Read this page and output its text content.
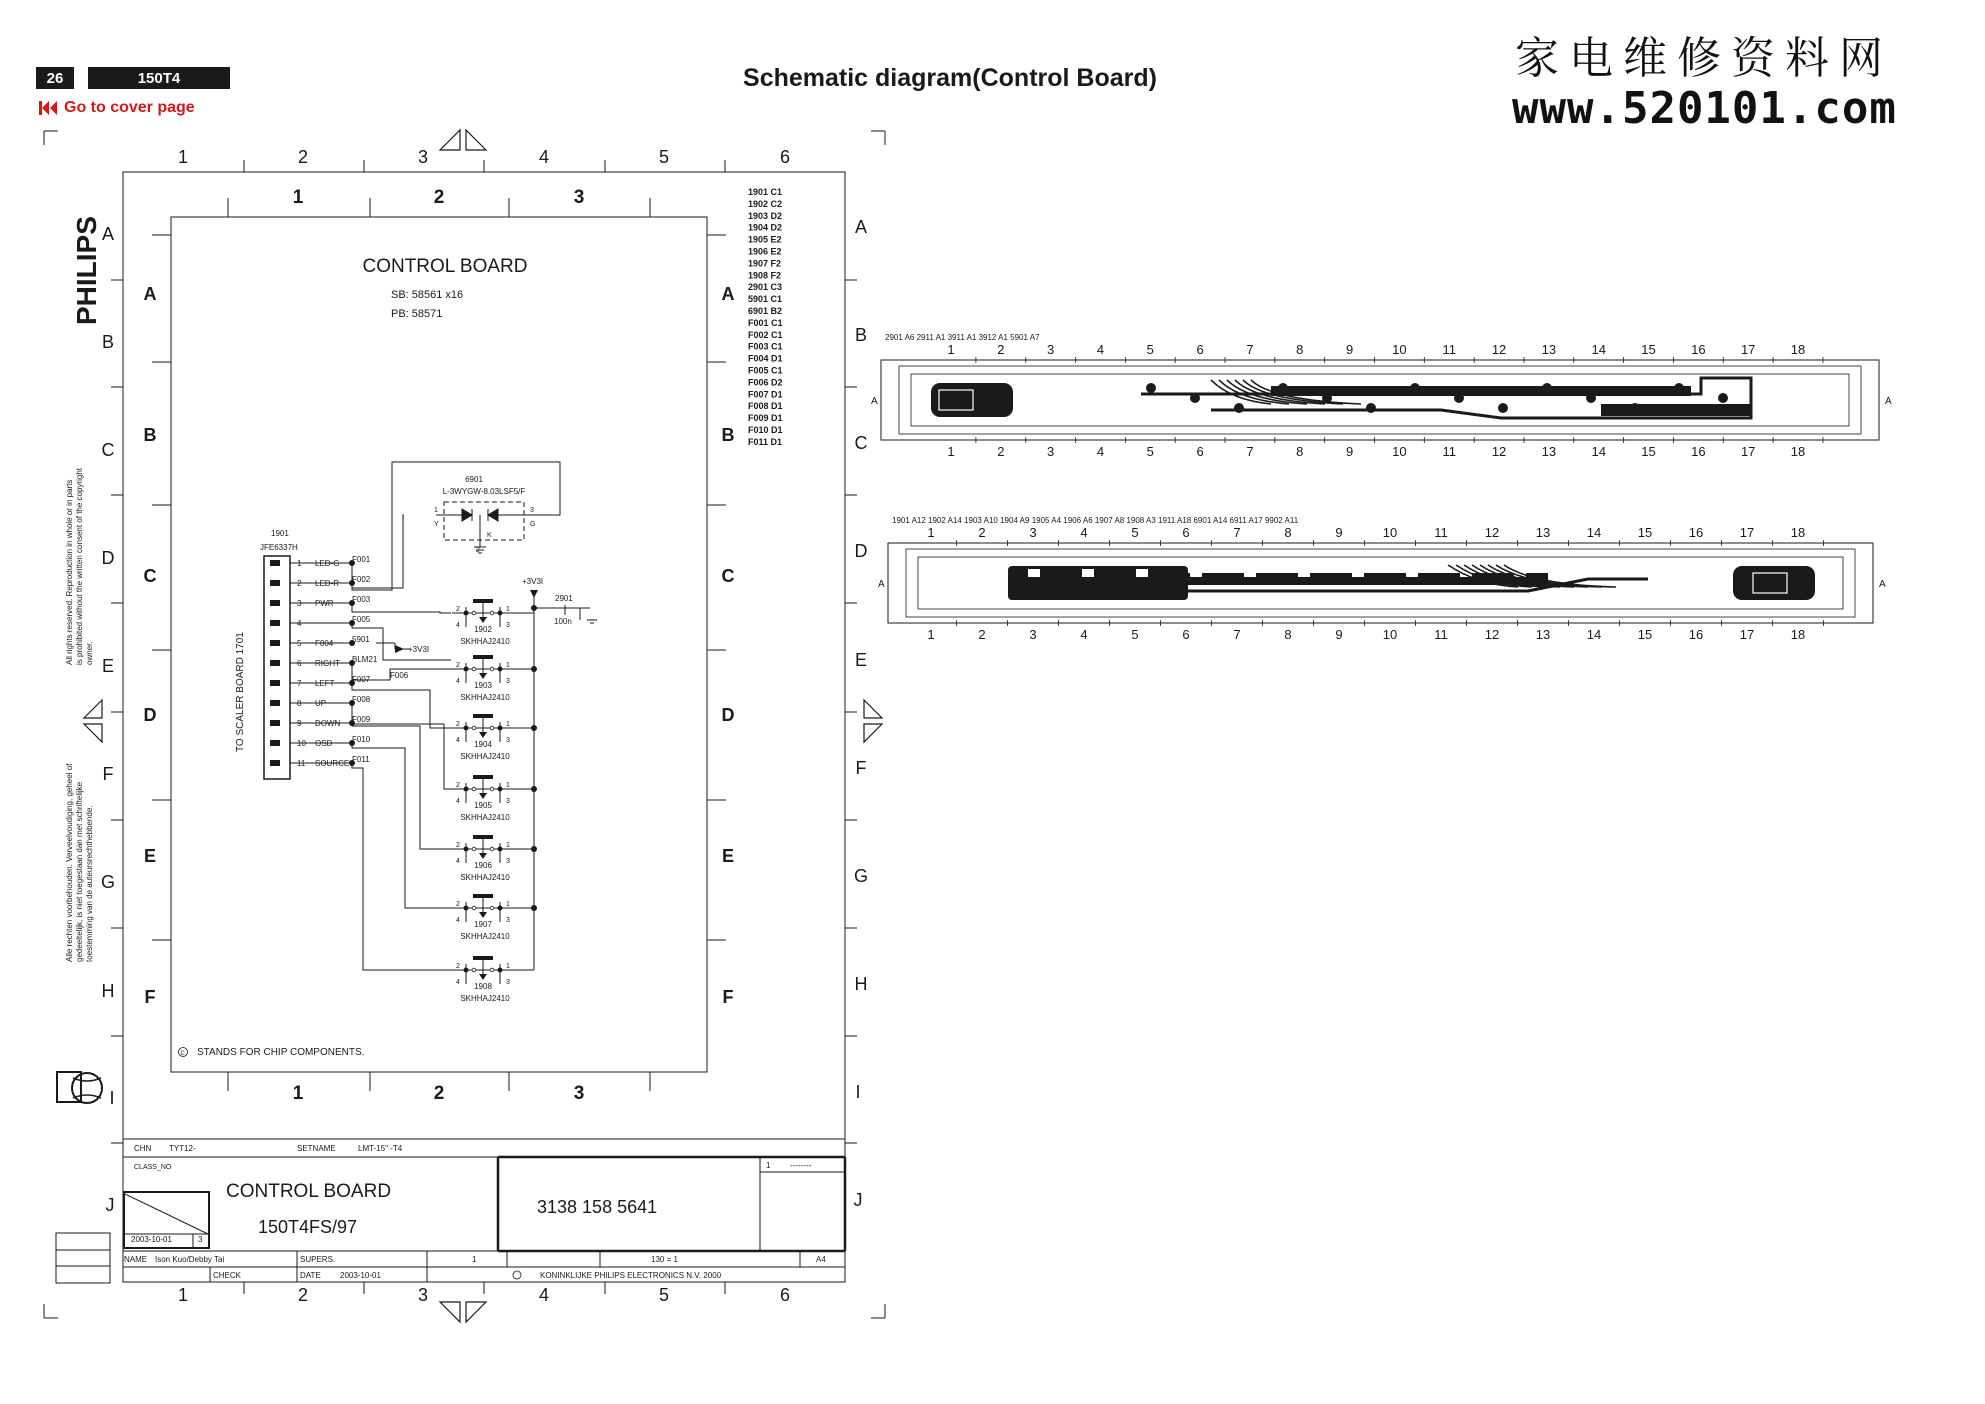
26	150T4
Go to cover page
Schematic diagram(Control Board)	家电维修资料网
www.520101.com
PHILIPS
All rights reserved. Reproduction in whole or in parts is prohibited without the written consent of the copyright owner.
Alle rechten voorbehouden. Verveelvoudiging, geheel of gedeeltelijk, is niet toegestaan dan met schriftelijke toestemming van de auteursrechthebbende.
1	2	3	4	5	6
1	2	3	4	5	6
A
B
C
D
E
F
G
H
I
J
A
B
C
D
E
F
G
H
I
J
1	2	3
1	2	3
A
B
C
D
E
F
A
B
C
D
E
F
1901 C1
1902 C2
1903 D2
1904 D2
1905 E2
1906 E2
1907 F2
1908 F2
2901 C3
5901 C1
6901 B2
F001 C1
F002 C1
F003 C1
F004 D1
F005 C1
F006 D2
F007 D1
F008 D1
F009 D1
F010 D1
F011 D1
CONTROL BOARD
SB: 58561 x16
PB: 58571
1901
JFE6337H
TO SCALER BOARD 1701
1 LED-G F001
2 LED-R F002
3 PWR F003
4	F005
5 F004 5901
6 RIGHT BLM21
7 LEFT F007
8 UP	F008
9 DOWN F009
10 OSD F010
11 SOURCE F011
F006
6901
L-3WYGW-8.03LSF5/F
1
2
3
Y
K
G
+3V3I
+3V3I
2901
100n
2	1
4	3
1902
SKHHAJ2410
2	1
4	3
1903
SKHHAJ2410
2	1
4	3
1904
SKHHAJ2410
2	1
4	3
1905
SKHHAJ2410
2	1
4	3
1906
SKHHAJ2410
2	1
4	3
1907
SKHHAJ2410
2	1
4	3
1908
SKHHAJ2410
C STANDS FOR CHIP COMPONENTS.
CHN TYT12-	SETNAME	LMT-15" -T4
CLASS_NO
2003-10-01	3
1 --------
NAME Ison Kuo/Debby Tai	SUPERS.	1	130 = 1	A4
CHECK	DATE 2003-10-01	KONINKLIJKE PHILIPS ELECTRONICS N.V. 2000
CONTROL BOARD
150T4FS/97
3138 158 5641
2901 A6 2911 A1 3911 A1 3912 A1 5901 A7
1
1
2
2
3
3
4
4
5
5
6
6
7
7
8
8
9
9
10
10
11
11
12
12
13
13
14
14
15
15
16
16
17
17
18
18
A	A
1901 A12 1902 A14 1903 A10 1904 A9 1905 A4 1906 A6 1907 A8 1908 A3 1911 A18 6901 A14 6911 A17 9902 A11
1
1
2
2
3
3
4
4
5
5
6
6
7
7
8
8
9
9
10
10
11
11
12
12
13
13
14
14
15
15
16
16
17
17
18
18
A	A
